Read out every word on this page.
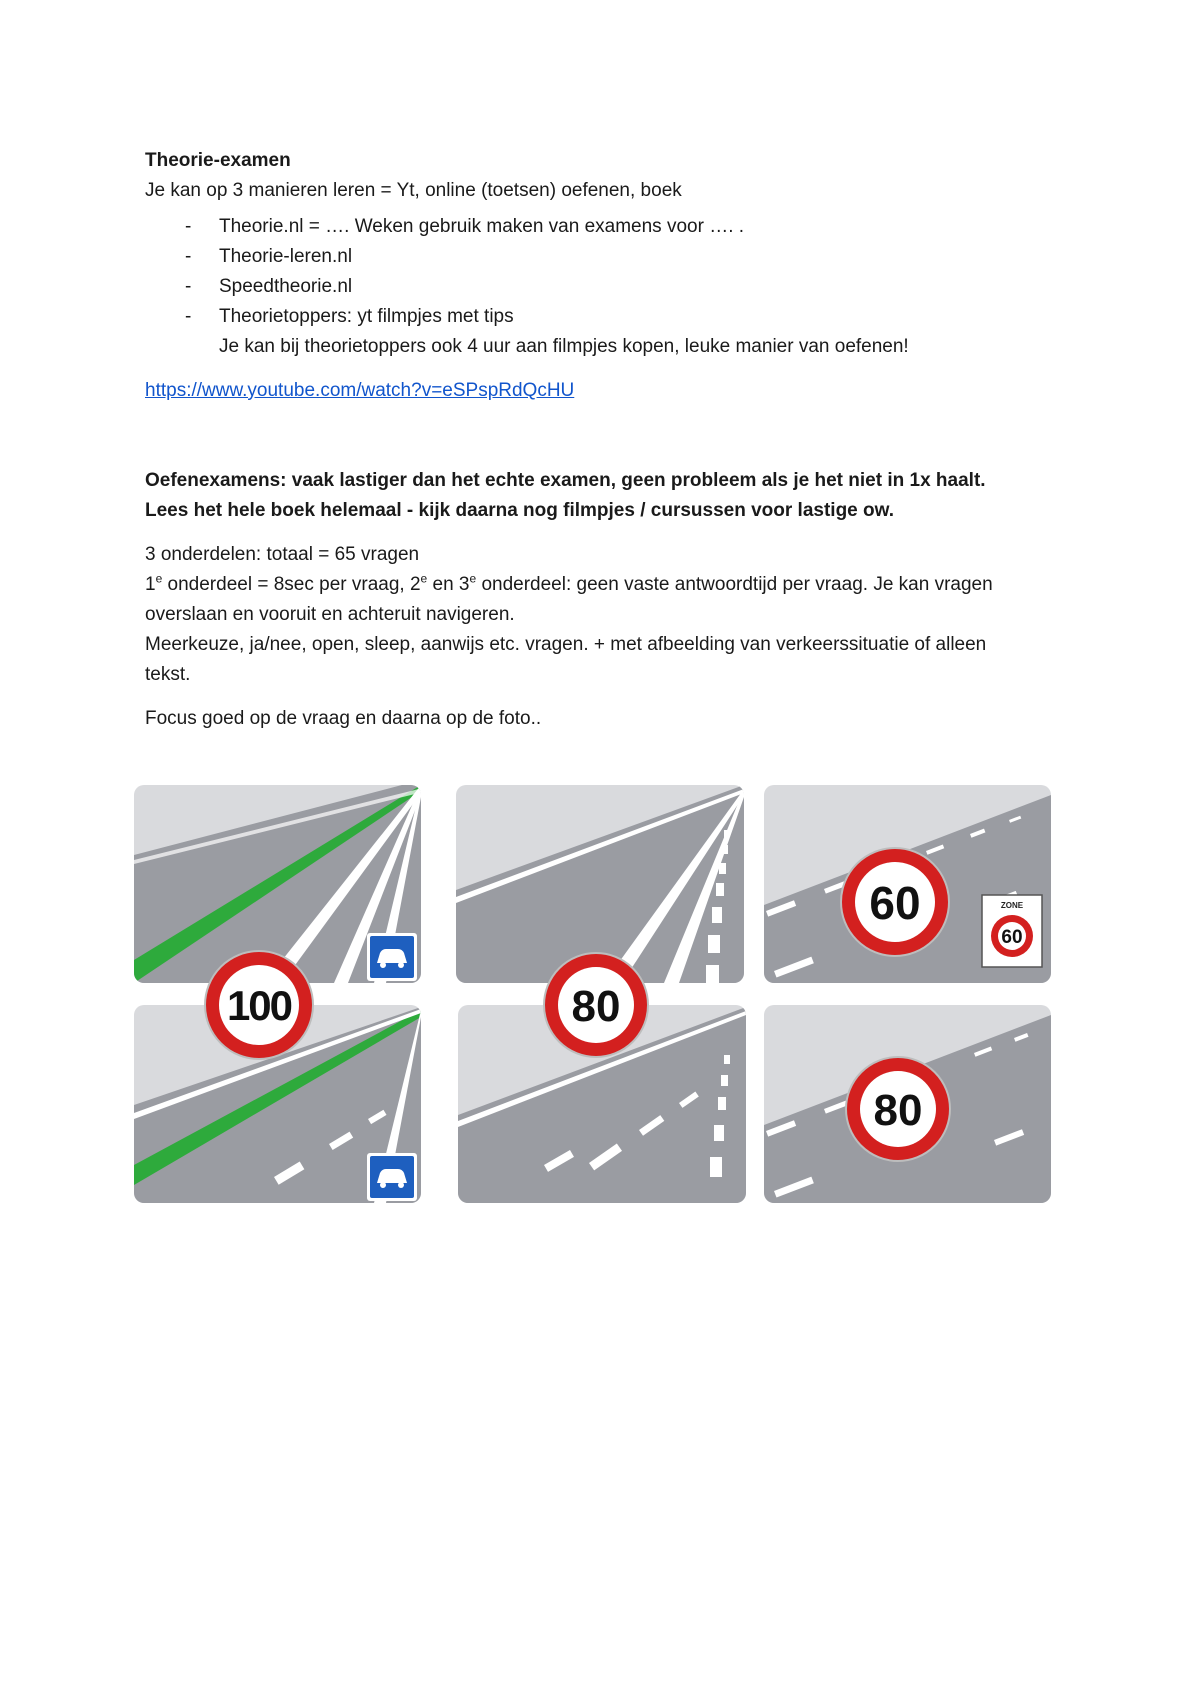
Theorie-examen
Je kan op 3 manieren leren = Yt, online (toetsen) oefenen, boek
- Theorie.nl = …. Weken gebruik maken van examens voor …. .
- Theorie-leren.nl
- Speedtheorie.nl
- Theorietoppers: yt filmpjes met tips
Je kan bij theorietoppers ook 4 uur aan filmpjes kopen, leuke manier van oefenen!
https://www.youtube.com/watch?v=eSPspRdQcHU
Oefenexamens: vaak lastiger dan het echte examen, geen probleem als je het niet in 1x haalt.
Lees het hele boek helemaal - kijk daarna nog filmpjes / cursussen voor lastige ow.
3 onderdelen: totaal = 65 vragen
1e onderdeel = 8sec per vraag, 2e en 3e onderdeel: geen vaste antwoordtijd per vraag. Je kan vragen
overslaan en vooruit en achteruit navigeren.
Meerkeuze, ja/nee, open, sleep, aanwijs etc. vragen. + met afbeelding van verkeerssituatie of alleen
tekst.
Focus goed op de vraag en daarna op de foto..
ZONE
60
100	80
60
80
